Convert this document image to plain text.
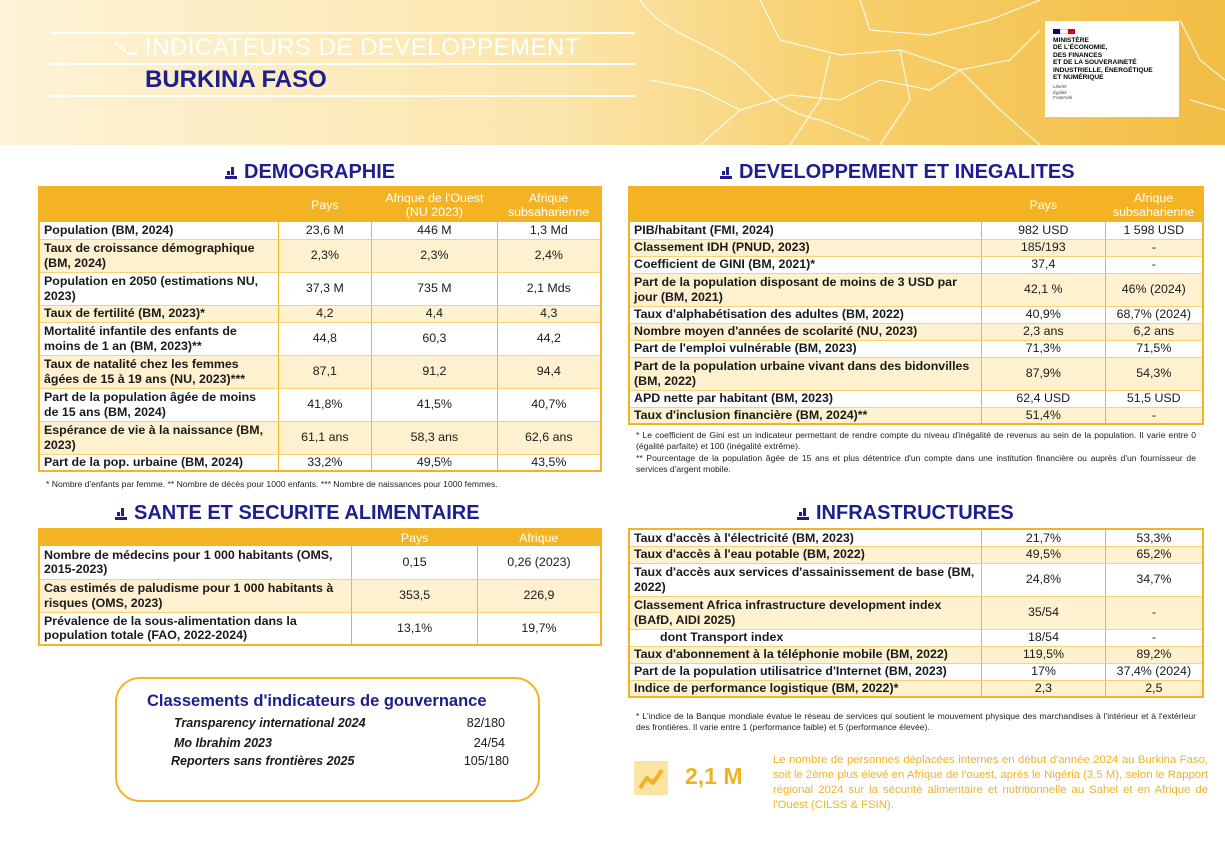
INDICATEURS DE DEVELOPPEMENT
BURKINA FASO
MINISTÈRE
DE L'ÉCONOMIE,
DES FINANCES
ET DE LA SOUVERAINETÉ
INDUSTRIELLE, ÉNERGÉTIQUE
ET NUMÉRIQUE
Liberté
Égalité
Fraternité
DEMOGRAPHIE
	Pays	Afrique de l'Ouest (NU 2023)	Afrique subsaharienne
Population (BM, 2024)	23,6 M	446 M	1,3 Md
Taux de croissance démographique (BM, 2024)	2,3%	2,3%	2,4%
Population en 2050 (estimations NU, 2023)	37,3 M	735 M	2,1 Mds
Taux de fertilité (BM, 2023)*	4,2	4,4	4,3
Mortalité infantile des enfants de moins de 1 an (BM, 2023)**	44,8	60,3	44,2
Taux de natalité chez les femmes âgées de 15 à 19 ans (NU, 2023)***	87,1	91,2	94,4
Part de la population âgée de moins de 15 ans (BM, 2024)	41,8%	41,5%	40,7%
Espérance de vie à la naissance (BM, 2023)	61,1 ans	58,3 ans	62,6 ans
Part de la pop. urbaine (BM, 2024)	33,2%	49,5%	43,5%
* Nombre d'enfants par femme. ** Nombre de décès pour 1000 enfants. *** Nombre de naissances pour 1000 femmes.
SANTE ET SECURITE ALIMENTAIRE
	Pays	Afrique
Nombre de médecins pour 1 000 habitants (OMS, 2015-2023)	0,15	0,26 (2023)
Cas estimés de paludisme pour 1 000 habitants à risques (OMS, 2023)	353,5	226,9
Prévalence de la sous-alimentation dans la population totale (FAO, 2022-2024)	13,1%	19,7%
Classements d'indicateurs de gouvernance
Transparency international 2024	82/180
Mo Ibrahim 2023	24/54
Reporters sans frontières 2025	105/180
DEVELOPPEMENT ET INEGALITES
	Pays	Afrique subsaharienne
PIB/habitant (FMI, 2024)	982 USD	1 598 USD
Classement IDH (PNUD, 2023)	185/193	-
Coefficient de GINI (BM, 2021)*	37,4	-
Part de la population disposant de moins de 3 USD par jour (BM, 2021)	42,1 %	46% (2024)
Taux d'alphabétisation des adultes (BM, 2022)	40,9%	68,7% (2024)
Nombre moyen d'années de scolarité (NU, 2023)	2,3 ans	6,2 ans
Part de l'emploi vulnérable (BM, 2023)	71,3%	71,5%
Part de la population urbaine vivant dans des bidonvilles (BM, 2022)	87,9%	54,3%
APD nette par habitant (BM, 2023)	62,4 USD	51,5 USD
Taux d'inclusion financière (BM, 2024)**	51,4%	-
* Le coefficient de Gini est un indicateur permettant de rendre compte du niveau d'inégalité de revenus au sein de la population. Il varie entre 0 (égalité parfaite) et 100 (inégalité extrême).
** Pourcentage de la population âgée de 15 ans et plus détentrice d'un compte dans une institution financière ou auprès d'un fournisseur de services d'argent mobile.
INFRASTRUCTURES
Taux d'accès à l'électricité (BM, 2023)	21,7%	53,3%
Taux d'accès à l'eau potable (BM, 2022)	49,5%	65,2%
Taux d'accès aux services d'assainissement de base (BM, 2022)	24,8%	34,7%
Classement Africa infrastructure development index (BAfD, AIDI 2025)	35/54	-
dont Transport index	18/54	-
Taux d'abonnement à la téléphonie mobile (BM, 2022)	119,5%	89,2%
Part de la population utilisatrice d'Internet (BM, 2023)	17%	37,4% (2024)
Indice de performance logistique (BM, 2022)*	2,3	2,5
* L'indice de la Banque mondiale évalue le réseau de services qui soutient le mouvement physique des marchandises à l'intérieur et à l'extérieur des frontières. Il varie entre 1 (performance faible) et 5 (performance élevée).
2,1 M
Le nombre de personnes déplacées internes en début d'année 2024 au Burkina Faso, soit le 2ème plus élevé en Afrique de l'ouest, après le Nigéria (3,5 M), selon le Rapport régional 2024 sur la sécurité alimentaire et nutritionnelle au Sahel et en Afrique de l'Ouest (CILSS & FSIN).
